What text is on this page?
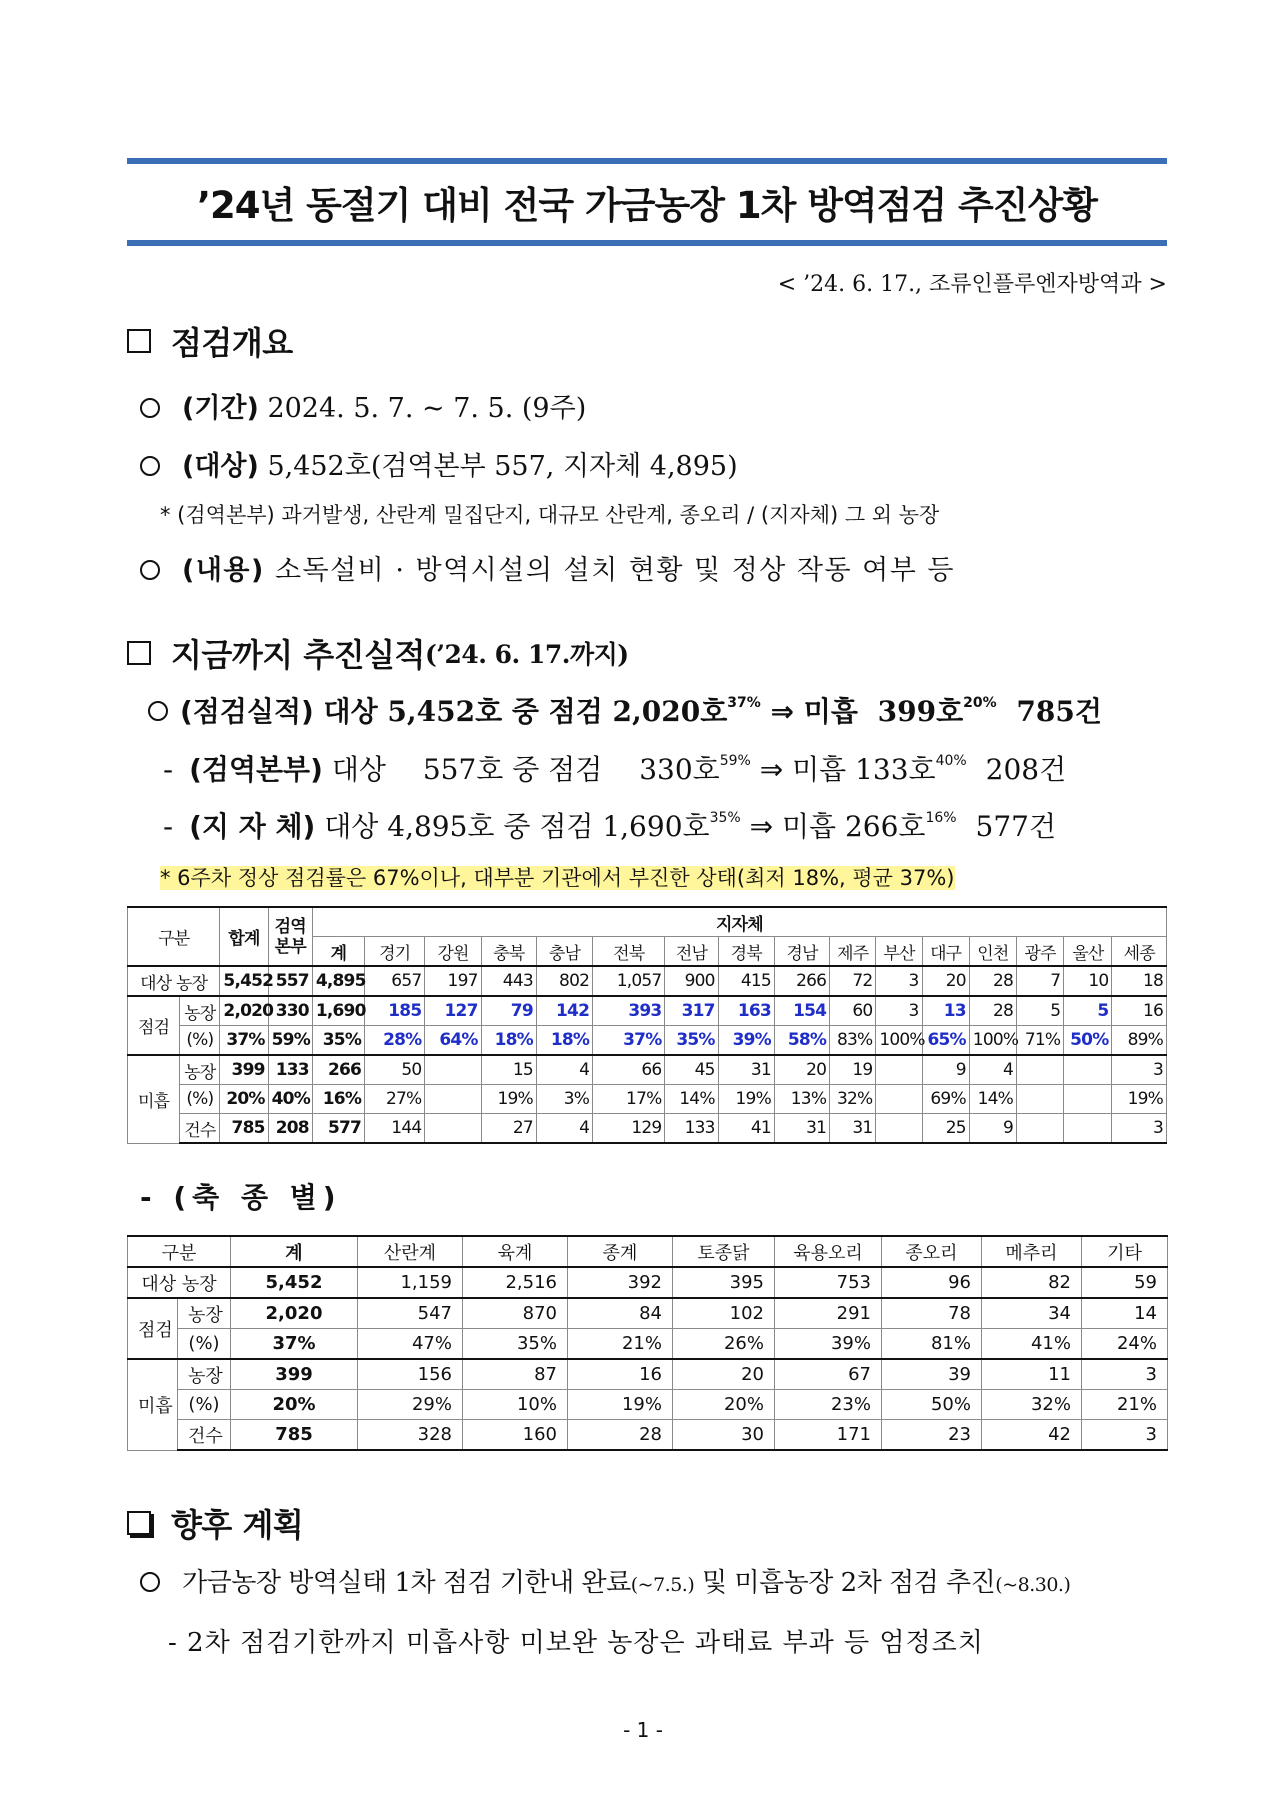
’24년 동절기 대비 전국 가금농장 1차 방역점검 추진상황
< ’24. 6. 17., 조류인플루엔자방역과 >
점검개요
(기간) 2024. 5. 7. ~ 7. 5. (9주)
(대상) 5,452호(검역본부 557, 지자체 4,895)
* (검역본부) 과거발생, 산란계 밀집단지, 대규모 산란계, 종오리 / (지자체) 그 외 농장
(내용) 소독설비 · 방역시설의 설치 현황 및 정상 작동 여부 등
지금까지 추진실적 (’24. 6. 17.까지)
(점검실적) 대상 5,452호 중 점검 2,020호$^{37\%}$ ⇒ 미흡 399호$^{20\%}$ 785건
- (검역본부) 대상 557호 중 점검 330호$^{59\%}$ ⇒ 미흡 133호$^{40\%}$ 208건
- (지 자 체) 대상 4,895호 중 점검 1,690호$^{35\%}$ ⇒ 미흡 266호$^{16\%}$ 577건
* 6주차 정상 점검률은 67%이나, 대부분 기관에서 부진한 상태(최저 18%, 평균 37%)
구분		합계	검역본부	지자체															
				계	경기	강원	충북	충남	전북	전남	경북	경남	제주	부산	대구	인천	광주	울산	세종
대상 농장		5,452	557	4,895	657	197	443	802	1,057	900	415	266	72	3	20	28	7	10	18
점검	농장	2,020	330	1,690	185	127	79	142	393	317	163	154	60	3	13	28	5	5	16
	(%)	37%	59%	35%	28%	64%	18%	18%	37%	35%	39%	58%	83%	100%	65%	100%	71%	50%	89%
미흡	농장	399	133	266	50		15	4	66	45	31	20	19		9	4			3
	(%)	20%	40%	16%	27%		19%	3%	17%	14%	19%	13%	32%		69%	14%			19%
	건수	785	208	577	144		27	4	129	133	41	31	31		25	9			3
- (축 종 별)
구분		계	산란계	육계	종계	토종닭	육용오리	종오리	메추리	기타
대상 농장		5,452	1,159	2,516	392	395	753	96	82	59
점검	농장	2,020	547	870	84	102	291	78	34	14
	(%)	37%	47%	35%	21%	26%	39%	81%	41%	24%
미흡	농장	399	156	87	16	20	67	39	11	3
	(%)	20%	29%	10%	19%	20%	23%	50%	32%	21%
	건수	785	328	160	28	30	171	23	42	3
향후 계획
가금농장 방역실태 1차 점검 기한내 완료(~7.5.) 및 미흡농장 2차 점검 추진(~8.30.)
- 2차 점검기한까지 미흡사항 미보완 농장은 과태료 부과 등 엄정조치
- 1 -
